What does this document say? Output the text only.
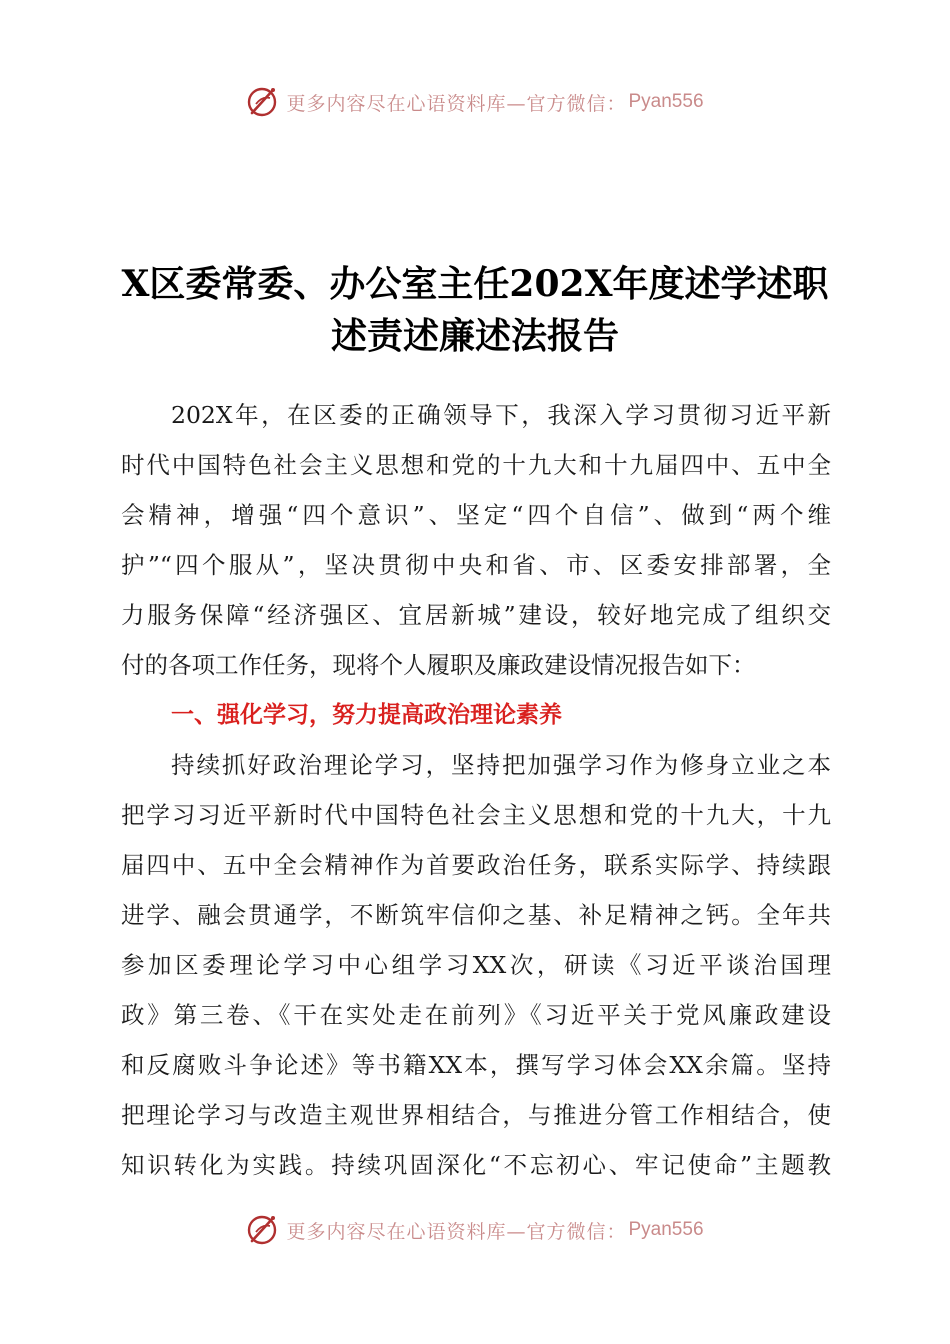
更多内容尽在心语资料库—官方微信： Pyan556
X区委常委、办公室主任202X年度述学述职
述责述廉述法报告
202X年，在区委的正确领导下，我深入学习贯彻习近平新
时代中国特色社会主义思想和党的十九大和十九届四中、五中全
会精神，增强“四个意识”、坚定“四个自信”、做到“两个维
护”“四个服从”，坚决贯彻中央和省、市、区委安排部署，全
力服务保障“经济强区、宜居新城”建设，较好地完成了组织交
付的各项工作任务，现将个人履职及廉政建设情况报告如下：
一、强化学习，努力提高政治理论素养
持续抓好政治理论学习，坚持把加强学习作为修身立业之本
把学习习近平新时代中国特色社会主义思想和党的十九大，十九
届四中、五中全会精神作为首要政治任务，联系实际学、持续跟
进学、融会贯通学，不断筑牢信仰之基、补足精神之钙。全年共
参加区委理论学习中心组学习XX次，研读《习近平谈治国理
政》第三卷、《干在实处走在前列》《习近平关于党风廉政建设
和反腐败斗争论述》等书籍XX本，撰写学习体会XX余篇。坚持
把理论学习与改造主观世界相结合，与推进分管工作相结合，使
知识转化为实践。持续巩固深化“不忘初心、牢记使命”主题教
更多内容尽在心语资料库—官方微信： Pyan556
